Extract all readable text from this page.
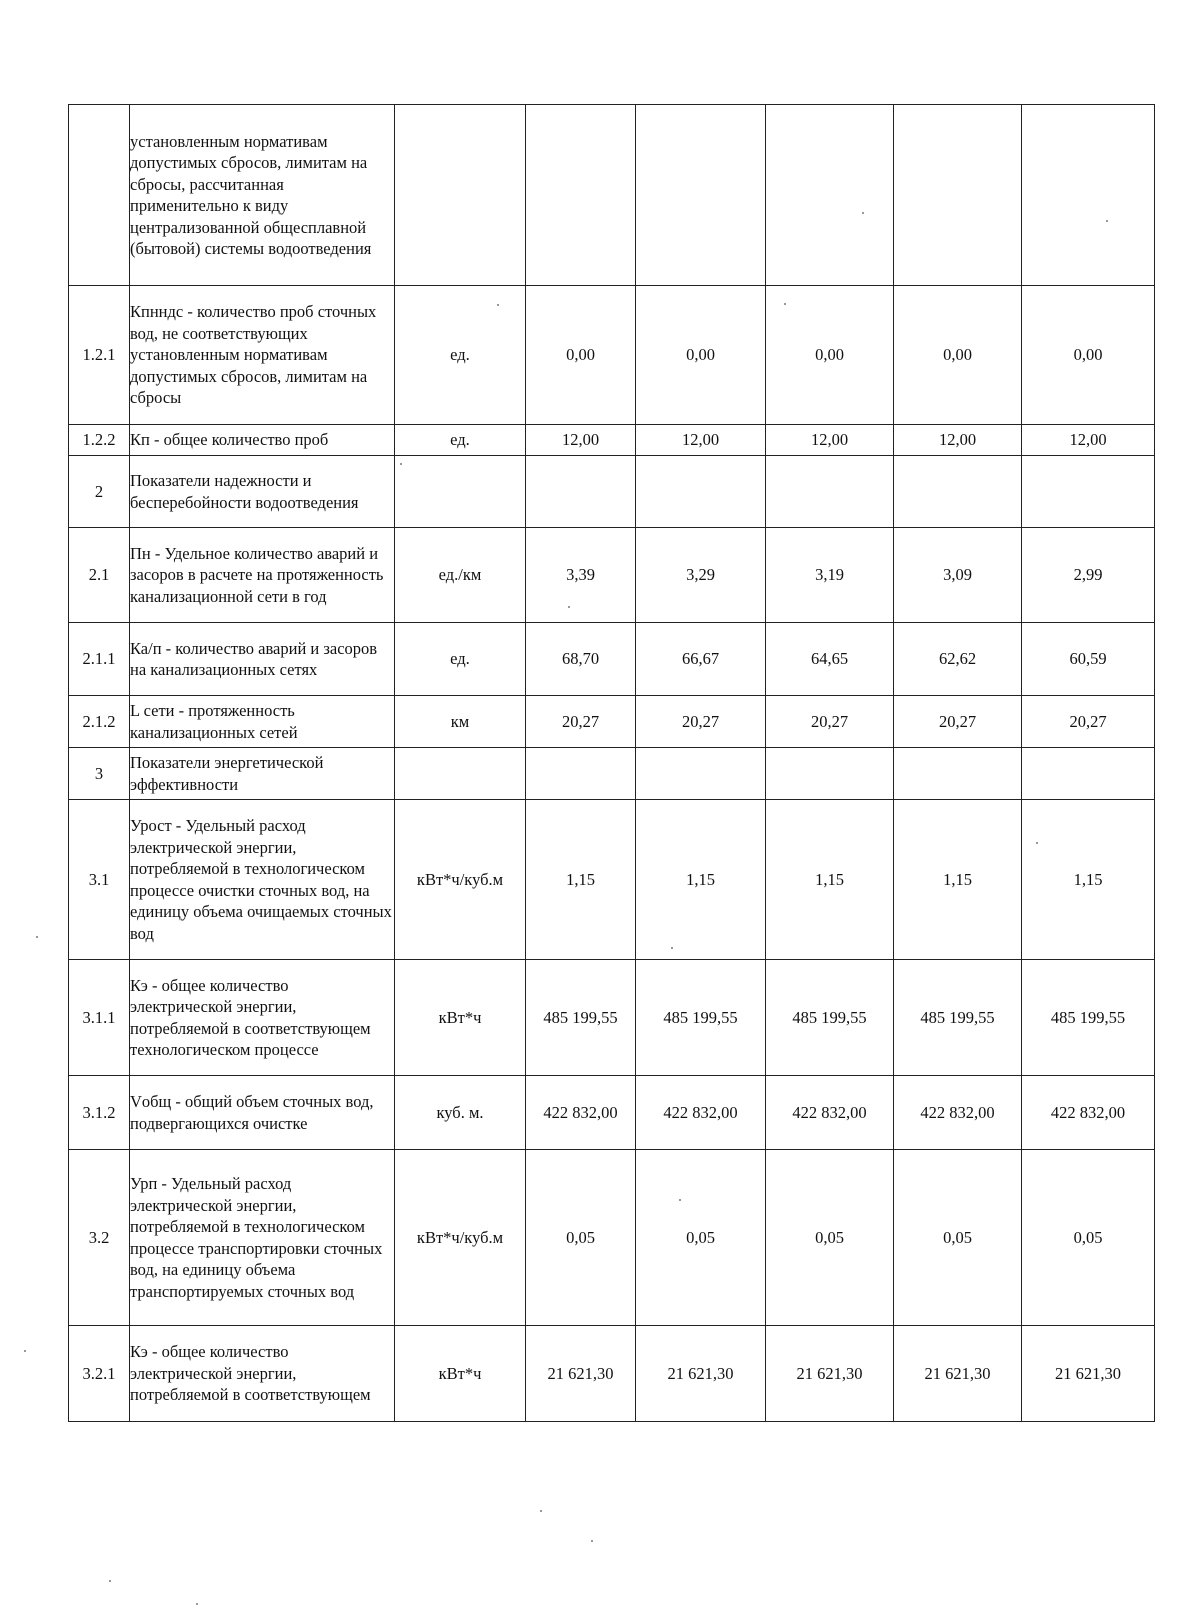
	установленным нормативам допустимых сбросов, лимитам на сбросы, рассчитанная применительно к виду централизованной общесплавной (бытовой) системы водоотведения						
1.2.1	Кпнндс - количество проб сточных вод, не соответствующих установленным нормативам допустимых сбросов, лимитам на сбросы	ед.	0,00	0,00	0,00	0,00	0,00
1.2.2	Кп - общее количество проб	ед.	12,00	12,00	12,00	12,00	12,00
2	Показатели надежности и бесперебойности водоотведения						
2.1	Пн - Удельное количество аварий и засоров в расчете на протяженность канализационной сети в год	ед./км	3,39	3,29	3,19	3,09	2,99
2.1.1	Ка/п - количество аварий и засоров на канализационных сетях	ед.	68,70	66,67	64,65	62,62	60,59
2.1.2	L сети - протяженность канализационных сетей	км	20,27	20,27	20,27	20,27	20,27
3	Показатели энергетической эффективности						
3.1	Урост - Удельный расход электрической энергии, потребляемой в технологическом процессе очистки сточных вод, на единицу объема очищаемых сточных вод	кВт*ч/куб.м	1,15	1,15	1,15	1,15	1,15
3.1.1	Кэ - общее количество электрической энергии, потребляемой в соответствующем технологическом процессе	кВт*ч	485 199,55	485 199,55	485 199,55	485 199,55	485 199,55
3.1.2	Vобщ - общий объем сточных вод, подвергающихся очистке	куб. м.	422 832,00	422 832,00	422 832,00	422 832,00	422 832,00
3.2	Урп - Удельный расход электрической энергии, потребляемой в технологическом процессе транспортировки сточных вод, на единицу объема транспортируемых сточных вод	кВт*ч/куб.м	0,05	0,05	0,05	0,05	0,05
3.2.1	Кэ - общее количество электрической энергии, потребляемой в соответствующем	кВт*ч	21 621,30	21 621,30	21 621,30	21 621,30	21 621,30
